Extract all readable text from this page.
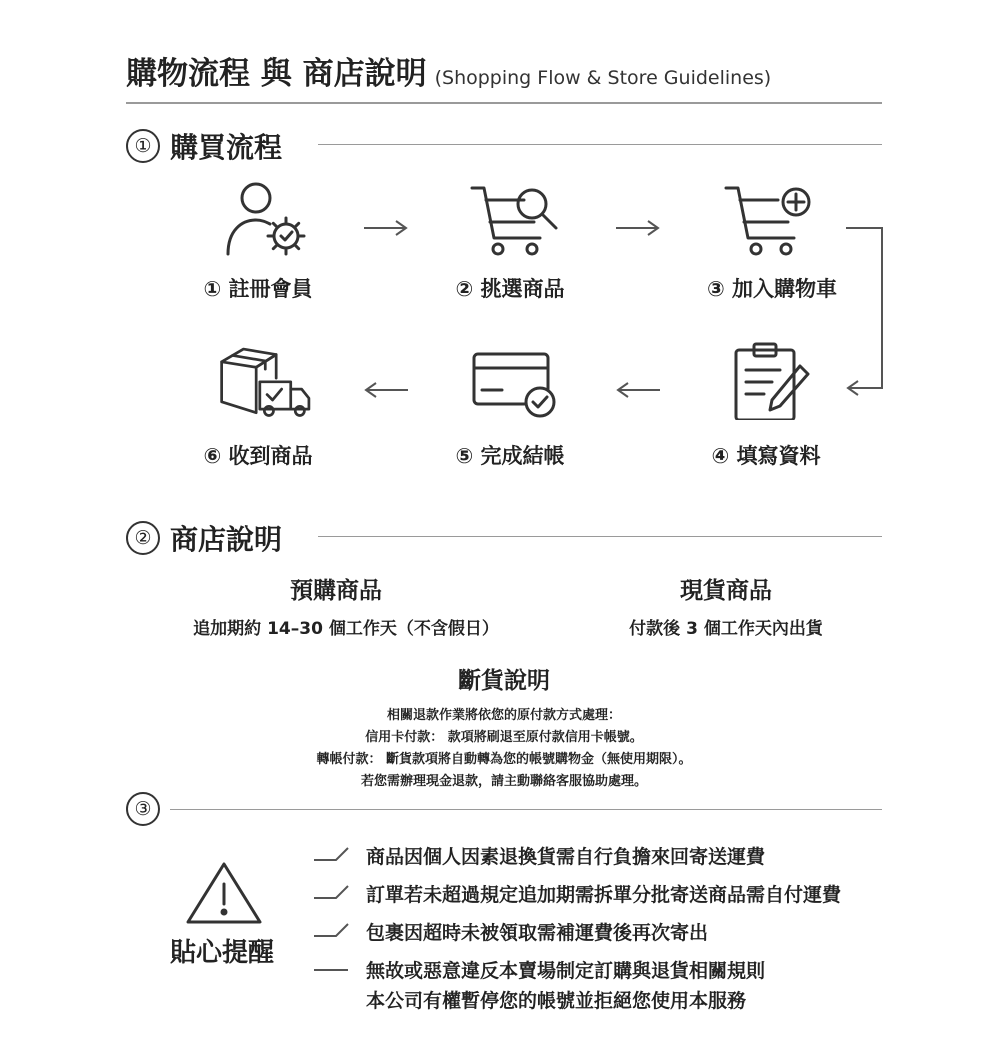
購物流程 與 商店說明 (Shopping Flow & Store Guidelines)
① 購買流程
① 註冊會員	② 挑選商品	③ 加入購物車
⑥ 收到商品	⑤ 完成結帳	④ 填寫資料
② 商店說明
預購商品
追加期約 14–30 個工作天（不含假日）
現貨商品
付款後 3 個工作天內出貨
斷貨說明
相關退款作業將依您的原付款方式處理：
信用卡付款： 款項將刷退至原付款信用卡帳號。
轉帳付款： 斷貨款項將自動轉為您的帳號購物金（無使用期限）。
若您需辦理現金退款，請主動聯絡客服協助處理。
③
貼心提醒
商品因個人因素退換貨需自行負擔來回寄送運費
訂單若未超過規定追加期需拆單分批寄送商品需自付運費
包裹因超時未被領取需補運費後再次寄出
無故或惡意違反本賣場制定訂購與退貨相關規則
本公司有權暫停您的帳號並拒絕您使用本服務
